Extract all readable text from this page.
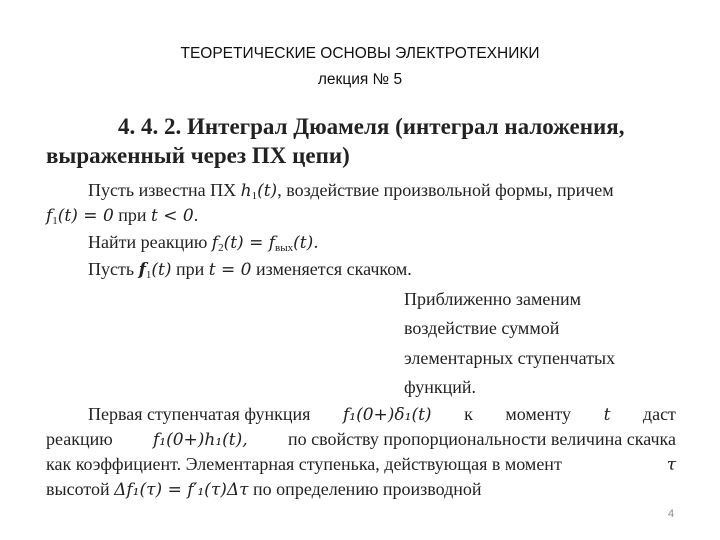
ТЕОРЕТИЧЕСКИЕ ОСНОВЫ ЭЛЕКТРОТЕХНИКИ
лекция № 5
4. 4. 2. Интеграл Дюамеля (интеграл наложения,
выраженный через ПХ цепи)
Пусть известна ПХ $h_1(t)$, воздействие произвольной формы, причем
$f_1(t) = 0$ при t < 0.
Найти реакцию $f_2(t) = f_{вых}(t)$.
Пусть $f_1(t)$ при t = 0 изменяется скачком.
Приближенно заменим
воздействие суммой
элементарных ступенчатых
функций.
Первая ступенчатая функция f₁(0+)δ₁(t) к моменту t даст
реакцию f₁(0+)h₁(t), по свойству пропорциональности величина скачка
как коэффициент. Элементарная ступенька, действующая в момент	τ
высотой Δf₁(τ) = f′₁(τ)Δτ по определению производной
4
